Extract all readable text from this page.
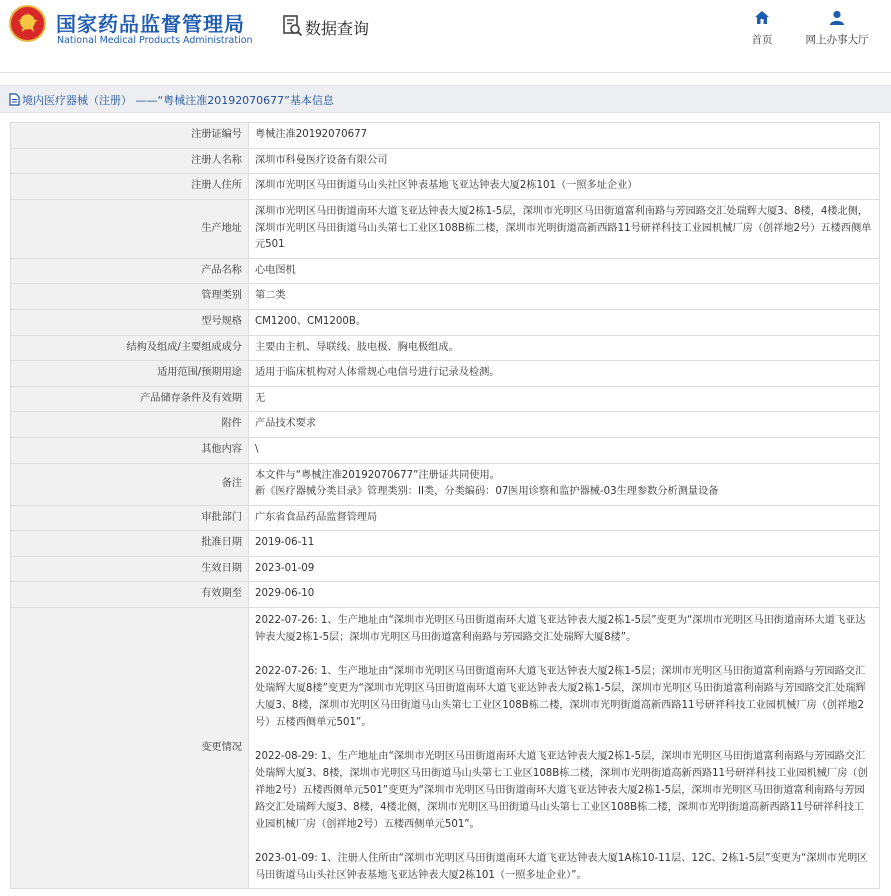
国家药品监督管理局
National Medical Products Administration
数据查询
首页	网上办事大厅
境内医疗器械（注册） ——“粤械注准20192070677”基本信息
注册证编号	粤械注准20192070677
注册人名称	深圳市科曼医疗设备有限公司
注册人住所	深圳市光明区马田街道马山头社区钟表基地飞亚达钟表大厦2栋101（一照多址企业）
生产地址	深圳市光明区马田街道南环大道飞亚达钟表大厦2栋1-5层，深圳市光明区马田街道富利南路与芳园路交汇处瑞辉大厦3、8楼，4楼北侧，深圳市光明区马田街道马山头第七工业区108B栋二楼，深圳市光明街道高新西路11号研祥科技工业园机械厂房（创祥地2号）五楼西侧单元501
产品名称	心电图机
管理类别	第二类
型号规格	CM1200、CM1200B。
结构及组成/主要组成成分	主要由主机、导联线、肢电极、胸电极组成。
适用范围/预期用途	适用于临床机构对人体常规心电信号进行记录及检测。
产品储存条件及有效期	无
附件	产品技术要求
其他内容	\
备注	本文件与“粤械注准20192070677”注册证共同使用。

新《医疗器械分类目录》管理类别：II类，分类编码：07医用诊察和监护器械-03生理参数分析测量设备

审批部门	广东省食品药品监督管理局
批准日期	2019-06-11
生效日期	2023-01-09
有效期至	2029-06-10
变更情况	2022-07-26: 1、生产地址由“深圳市光明区马田街道南环大道飞亚达钟表大厦2栋1-5层”变更为“深圳市光明区马田街道南环大道飞亚达钟表大厦2栋1-5层；深圳市光明区马田街道富利南路与芳园路交汇处瑞辉大厦8楼”。

2022-07-26: 1、生产地址由“深圳市光明区马田街道南环大道飞亚达钟表大厦2栋1-5层；深圳市光明区马田街道富利南路与芳园路交汇处瑞辉大厦8楼”变更为“深圳市光明区马田街道南环大道飞亚达钟表大厦2栋1-5层，深圳市光明区马田街道富利南路与芳园路交汇处瑞辉大厦3、8楼，深圳市光明区马田街道马山头第七工业区108B栋二楼，深圳市光明街道高新西路11号研祥科技工业园机械厂房（创祥地2号）五楼西侧单元501”。

2022-08-29: 1、生产地址由“深圳市光明区马田街道南环大道飞亚达钟表大厦2栋1-5层，深圳市光明区马田街道富利南路与芳园路交汇处瑞辉大厦3、8楼，深圳市光明区马田街道马山头第七工业区108B栋二楼，深圳市光明街道高新西路11号研祥科技工业园机械厂房（创祥地2号）五楼西侧单元501”变更为“深圳市光明区马田街道南环大道飞亚达钟表大厦2栋1-5层，深圳市光明区马田街道富利南路与芳园路交汇处瑞辉大厦3、8楼，4楼北侧，深圳市光明区马田街道马山头第七工业区108B栋二楼，深圳市光明街道高新西路11号研祥科技工业园机械厂房（创祥地2号）五楼西侧单元501”。

2023-01-09: 1、注册人住所由“深圳市光明区马田街道南环大道飞亚达钟表大厦1A栋10-11层、12C、2栋1-5层”变更为“深圳市光明区马田街道马山头社区钟表基地飞亚达钟表大厦2栋101（一照多址企业）”。
